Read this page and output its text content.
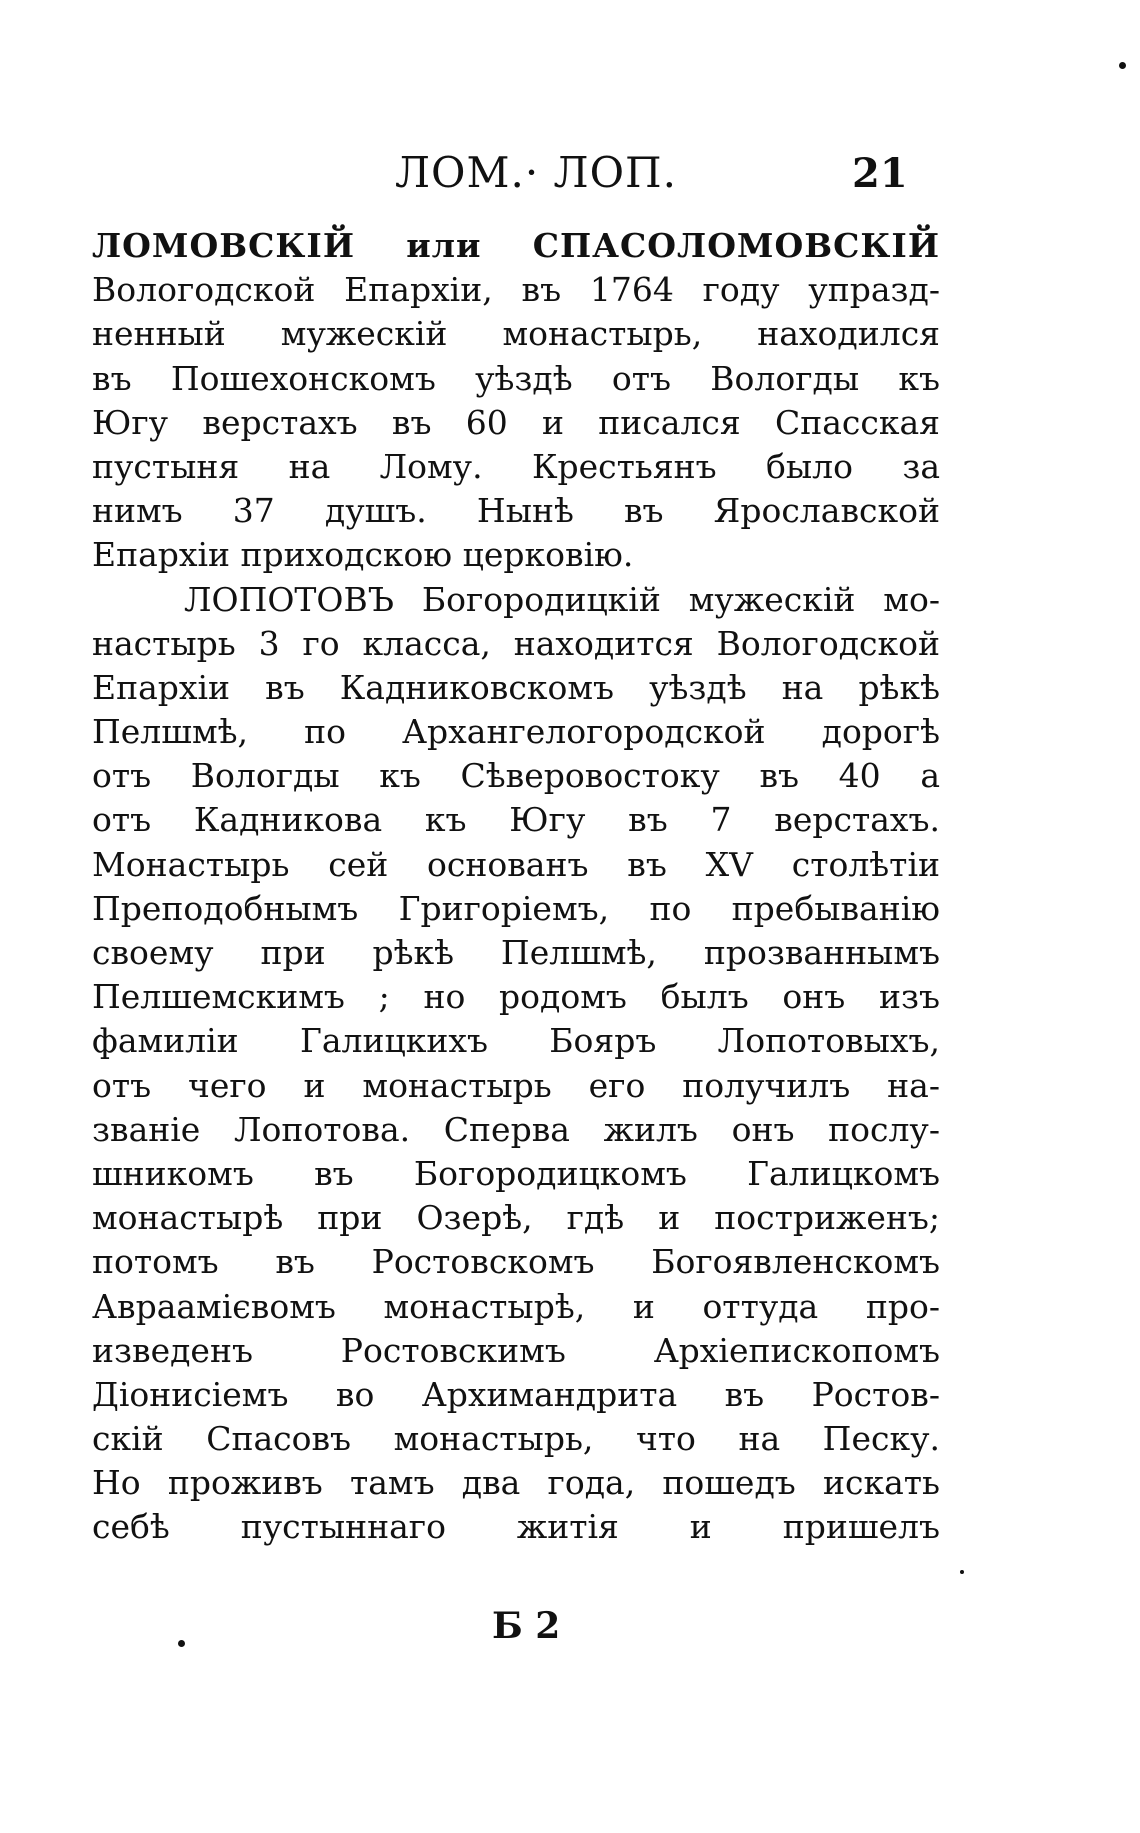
ЛОМ.· ЛОП.	21
ЛОМОВСКІЙ или СПАСОЛОМОВСКІЙ
Вологодской Епархіи, въ 1764 году упразд-
ненный мужескій монастырь, находился
въ Пошехонскомъ уѣздѣ отъ Вологды къ
Югу верстахъ въ 60 и писался Спасская
пустыня на Лому. Крестьянъ было за
нимъ 37 душъ. Нынѣ въ Ярославской
Епархіи приходскою церковію.
ЛОПОТОВЪ Богородицкій мужескій мо-
настырь 3 го класса, находится Вологодской
Епархіи въ Кадниковскомъ уѣздѣ на рѣкѣ
Пелшмѣ, по Архангелогородской дорогѣ
отъ Вологды къ Сѣверовостоку въ 40 а
отъ Кадникова къ Югу въ 7 верстахъ.
Монастырь сей основанъ въ XV столѣтіи
Преподобнымъ Григоріемъ, по пребыванію
своему при рѣкѣ Пелшмѣ, прозваннымъ
Пелшемскимъ ; но родомъ былъ онъ изъ
фамиліи Галицкихъ Бояръ Лопотовыхъ,
отъ чего и монастырь его получилъ на-
званіе Лопотова. Сперва жилъ онъ послу-
шникомъ въ Богородицкомъ Галицкомъ
монастырѣ при Озерѣ, гдѣ и постриженъ;
потомъ въ Ростовскомъ Богоявленскомъ
Авраамієвомъ монастырѣ, и оттуда про-
изведенъ Ростовскимъ Архіепископомъ
Діонисіемъ во Архимандрита въ Ростов-
скій Спасовъ монастырь, что на Песку.
Но проживъ тамъ два года, пошедъ искать
себѣ пустыннаго житія и пришелъ
Б 2
